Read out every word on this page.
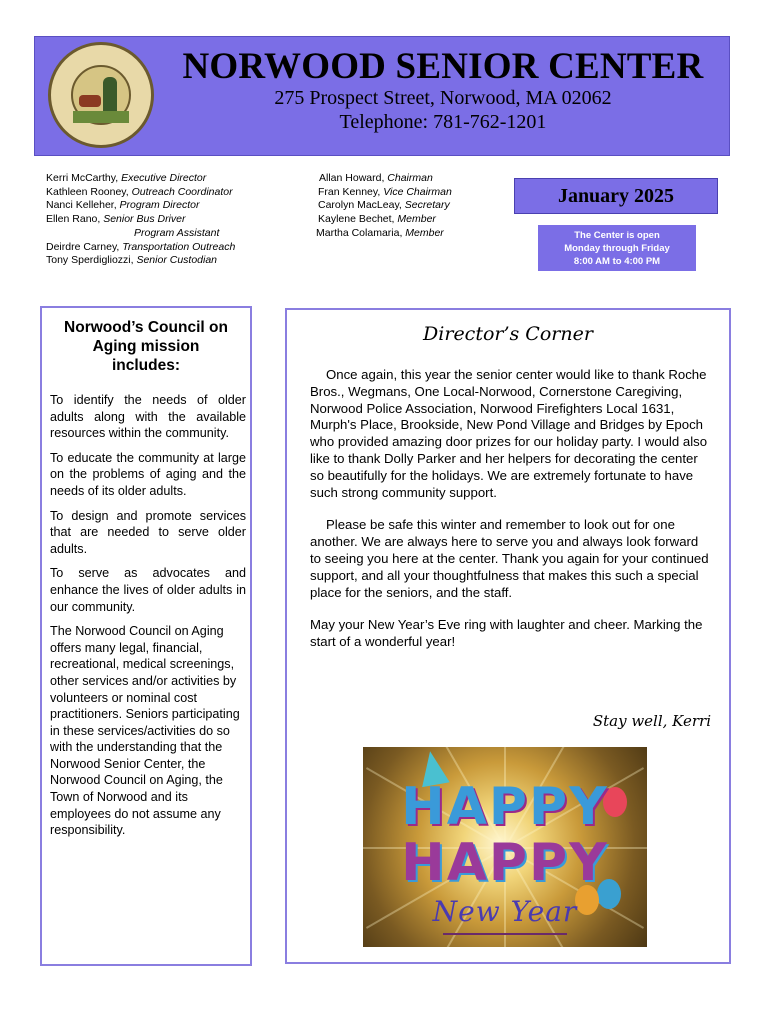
NORWOOD SENIOR CENTER
275 Prospect Street, Norwood, MA 02062
Telephone: 781-762-1201
Kerri McCarthy, Executive Director
Kathleen Rooney, Outreach Coordinator
Nanci Kelleher, Program Director
Ellen Rano, Senior Bus Driver
Program Assistant
Deirdre Carney, Transportation Outreach
Tony Sperdigliozzi, Senior Custodian
Allan Howard, Chairman
Fran Kenney, Vice Chairman
Carolyn MacLeay, Secretary
Kaylene Bechet, Member
Martha Colamaria, Member
January 2025
The Center is open
Monday through Friday
8:00 AM to 4:00 PM
Norwood’s Council on Aging mission includes:

To identify the needs of older adults along with the available resources within the community.

To educate the community at large on the problems of aging and the needs of its older adults.

To design and promote services that are needed to serve older adults.

To serve as advocates and enhance the lives of older adults in our community.

The Norwood Council on Aging offers many legal, financial, recreational, medical screenings, other services and/or activities by volunteers or nominal cost practitioners. Seniors participating in these services/activities do so with the understanding that the Norwood Senior Center, the Norwood Council on Aging, the Town of Norwood and its employees do not assume any responsibility.

Director’s Corner

Once again, this year the senior center would like to thank Roche Bros., Wegmans, One Local-Norwood, Cornerstone Caregiving, Norwood Police Association, Norwood Firefighters Local 1631, Murph's Place, Brookside, New Pond Village and Bridges by Epoch who provided amazing door prizes for our holiday party. I would also like to thank Dolly Parker and her helpers for decorating the center so beautifully for the holidays. We are extremely fortunate to have such strong community support.

Please be safe this winter and remember to look out for one another. We are always here to serve you and always look forward to seeing you here at the center. Thank you again for your continued support, and all your thoughtfulness that makes this such a special place for the seniors, and the staff.

May your New Year’s Eve ring with laughter and cheer. Marking the start of a wonderful year!

Stay well, Kerri
HAPPY
HAPPY
New Year
